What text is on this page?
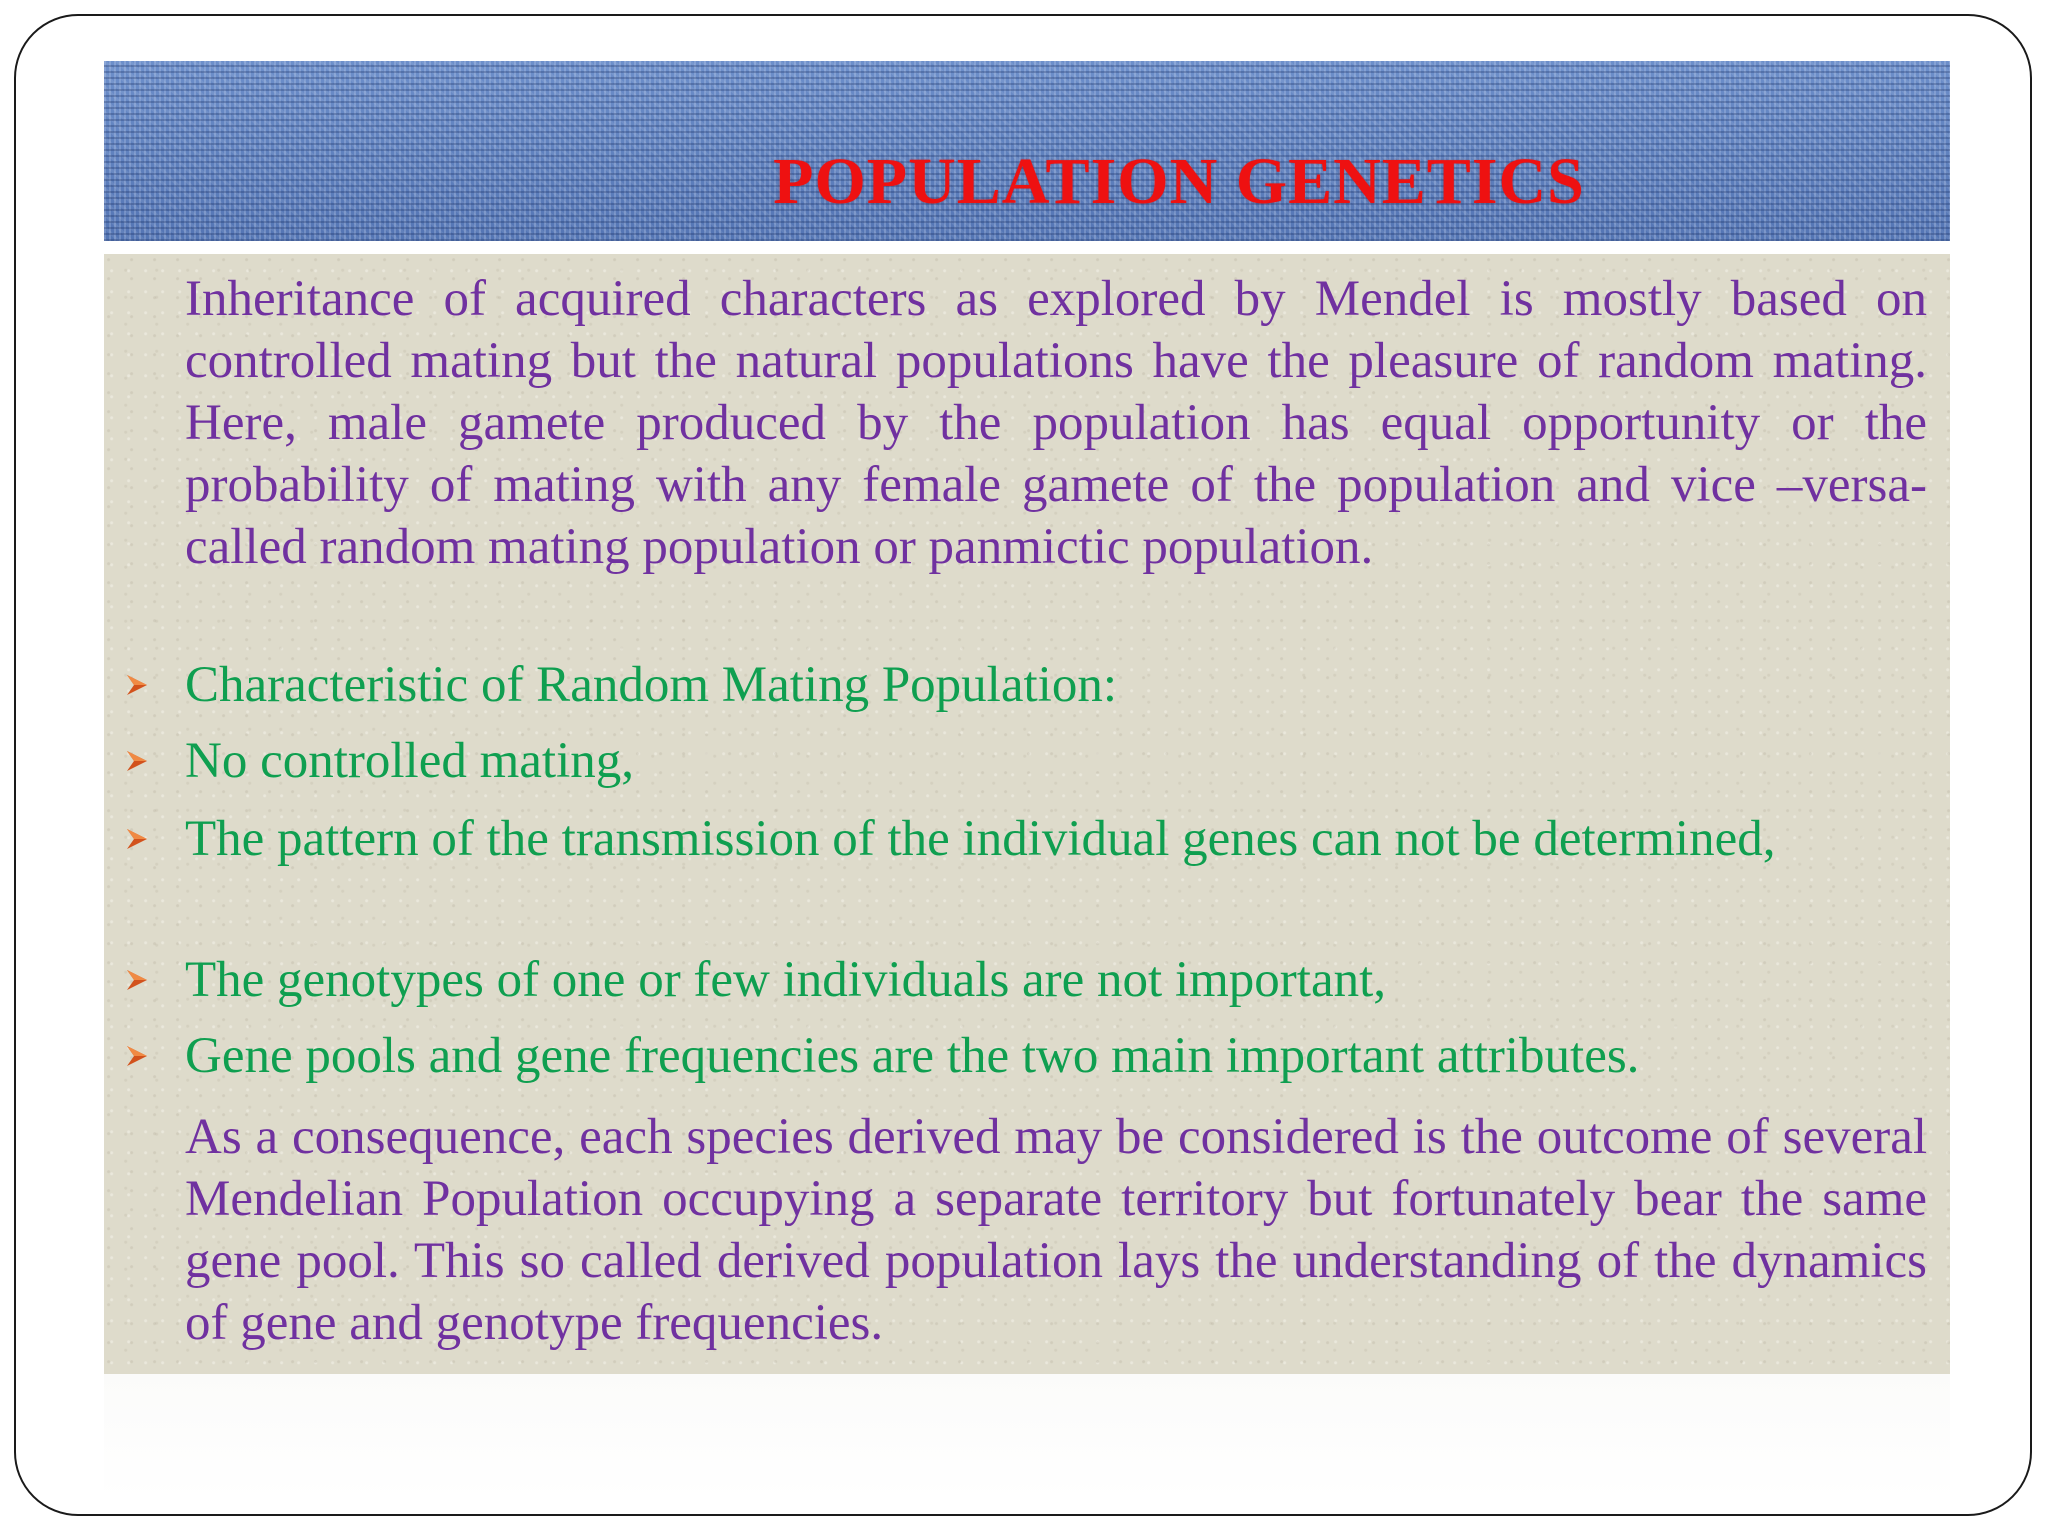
POPULATION GENETICS
Inheritance of acquired characters as explored by Mendel is mostly based on controlled mating but the natural populations have the pleasure of random mating. Here, male gamete produced by the population has equal opportunity or the probability of mating with any female gamete of the population and vice –versa-called random mating population or panmictic population.
Characteristic of Random Mating Population:
No controlled mating,
The pattern of the transmission of the individual genes can not be determined,
The genotypes of one or few individuals are not important,
Gene pools and gene frequencies are the two main important attributes.
As a consequence, each species derived may be considered is the outcome of several Mendelian Population occupying a separate territory but fortunately bear the same gene pool. This so called derived population lays the understanding of the dynamics of gene and genotype frequencies.
